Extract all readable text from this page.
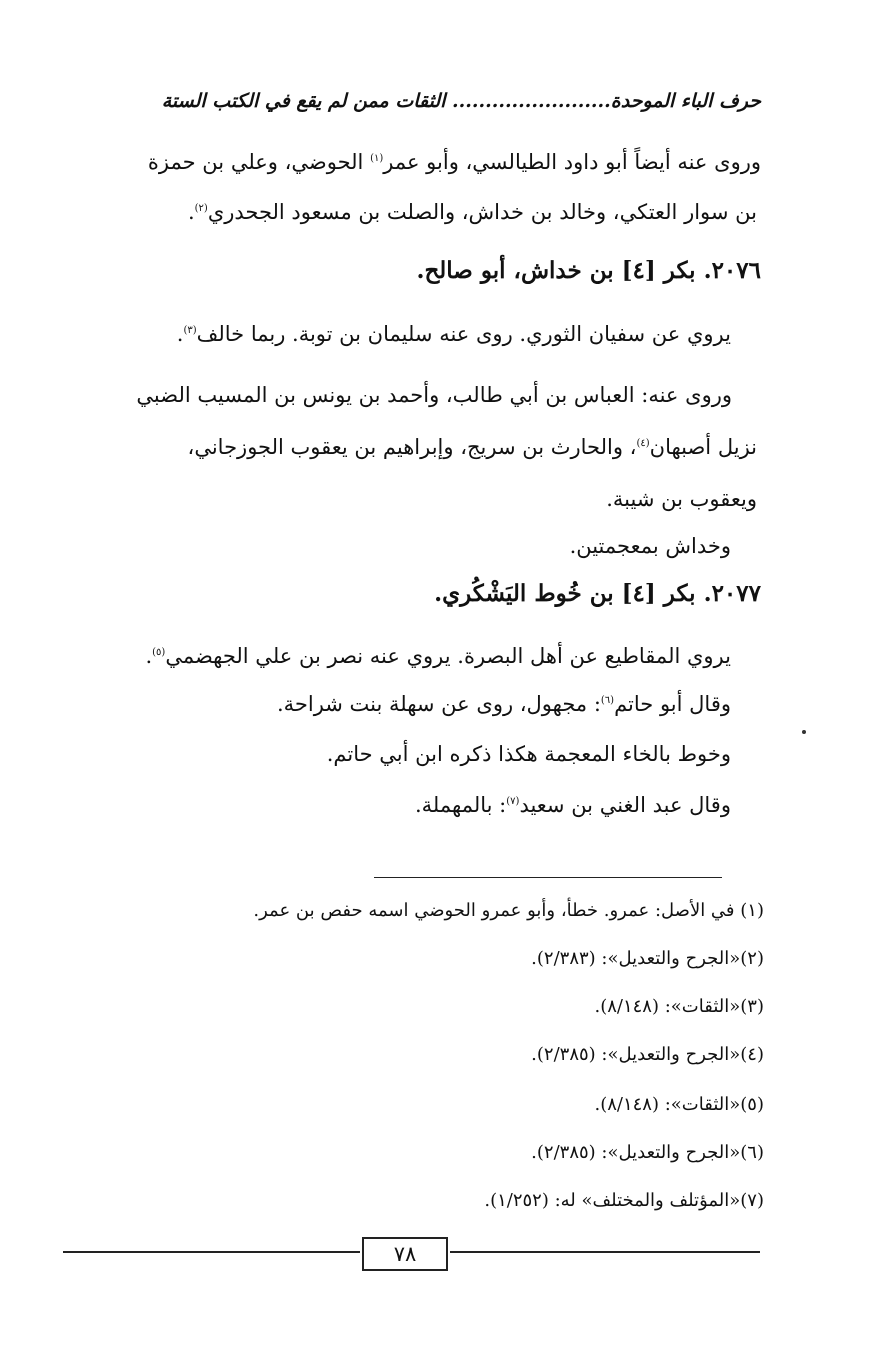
حرف الباء الموحدة........................ الثقات ممن لم يقع في الكتب الستة
وروى عنه أيضاً أبو داود الطيالسي، وأبو عمر$^{(١)}$ الحوضي، وعلي بن حمزة
بن سوار العتكي، وخالد بن خداش، والصلت بن مسعود الجحدري$^{(٢)}$.
٢٠٧٦. بكر [٤] بن خداش، أبو صالح.
يروي عن سفيان الثوري. روى عنه سليمان بن توبة. ربما خالف$^{(٣)}$.
وروى عنه: العباس بن أبي طالب، وأحمد بن يونس بن المسيب الضبي
نزيل أصبهان$^{(٤)}$، والحارث بن سريج، وإبراهيم بن يعقوب الجوزجاني،
ويعقوب بن شيبة.
وخداش بمعجمتين.
٢٠٧٧. بكر [٤] بن خُوط اليَشْكُري.
يروي المقاطيع عن أهل البصرة. يروي عنه نصر بن علي الجهضمي$^{(٥)}$.
وقال أبو حاتم$^{(٦)}$: مجهول، روى عن سهلة بنت شراحة.
وخوط بالخاء المعجمة هكذا ذكره ابن أبي حاتم.
وقال عبد الغني بن سعيد$^{(٧)}$: بالمهملة.
(١) في الأصل: عمرو. خطأ، وأبو عمرو الحوضي اسمه حفص بن عمر.
(٢)«الجرح والتعديل»: (٢/٣٨٣).
(٣)«الثقات»: (٨/١٤٨).
(٤)«الجرح والتعديل»: (٢/٣٨٥).
(٥)«الثقات»: (٨/١٤٨).
(٦)«الجرح والتعديل»: (٢/٣٨٥).
(٧)«المؤتلف والمختلف» له: (١/٢٥٢).
٧٨
